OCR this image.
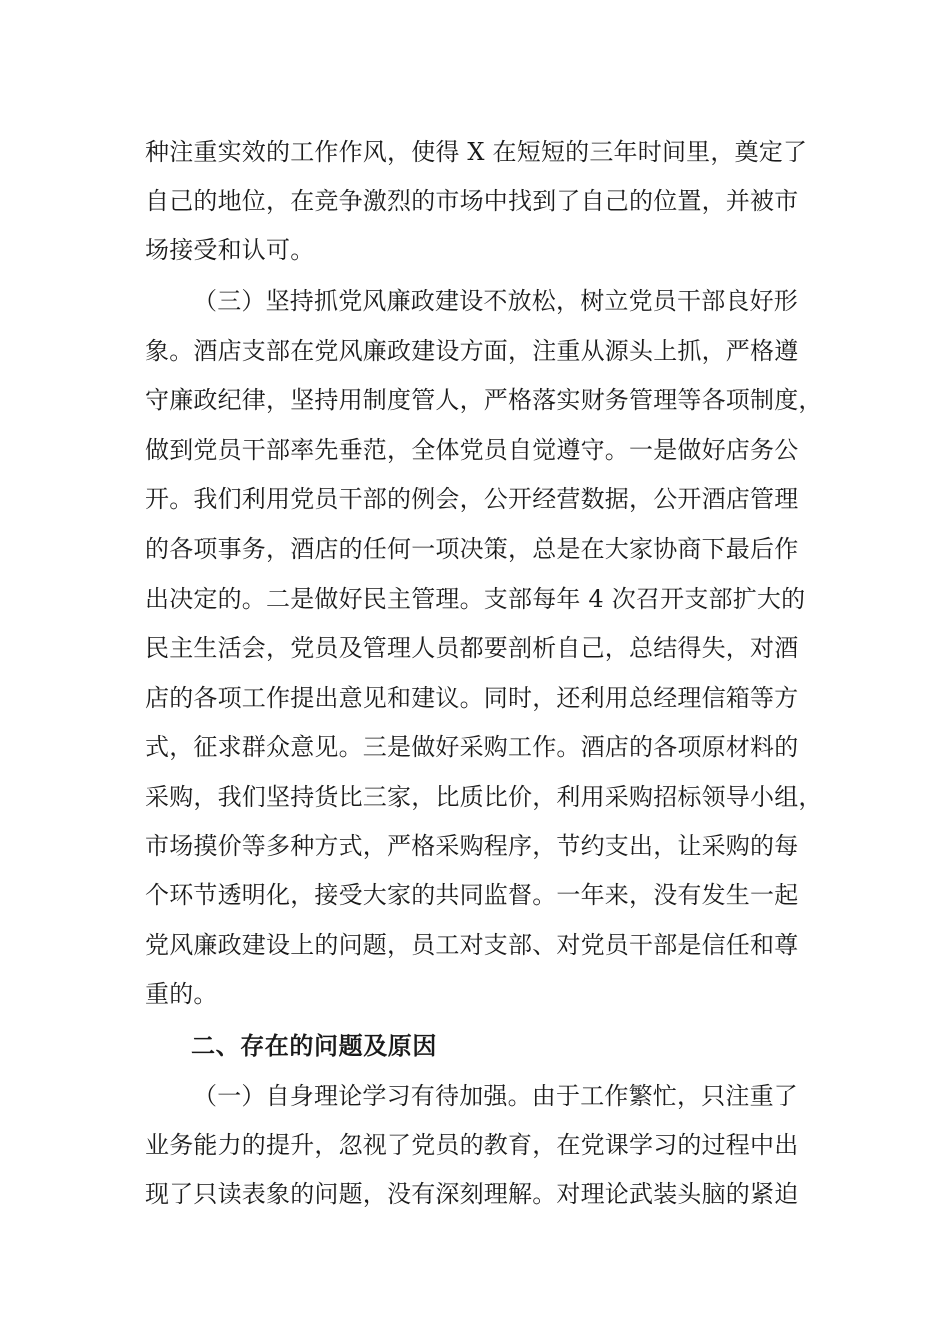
种注重实效的工作作风，使得 X 在短短的三年时间里，奠定了
自己的地位，在竞争激烈的市场中找到了自己的位置，并被市
场接受和认可。
（三）坚持抓党风廉政建设不放松，树立党员干部良好形
象。酒店支部在党风廉政建设方面，注重从源头上抓，严格遵
守廉政纪律，坚持用制度管人，严格落实财务管理等各项制度，
做到党员干部率先垂范，全体党员自觉遵守。一是做好店务公
开。我们利用党员干部的例会，公开经营数据，公开酒店管理
的各项事务，酒店的任何一项决策，总是在大家协商下最后作
出决定的。二是做好民主管理。支部每年 4 次召开支部扩大的
民主生活会，党员及管理人员都要剖析自己，总结得失，对酒
店的各项工作提出意见和建议。同时，还利用总经理信箱等方
式，征求群众意见。三是做好采购工作。酒店的各项原材料的
采购，我们坚持货比三家，比质比价，利用采购招标领导小组，
市场摸价等多种方式，严格采购程序，节约支出，让采购的每
个环节透明化，接受大家的共同监督。一年来，没有发生一起
党风廉政建设上的问题，员工对支部、对党员干部是信任和尊
重的。
二、存在的问题及原因
（一）自身理论学习有待加强。由于工作繁忙，只注重了
业务能力的提升，忽视了党员的教育，在党课学习的过程中出
现了只读表象的问题，没有深刻理解。对理论武装头脑的紧迫
